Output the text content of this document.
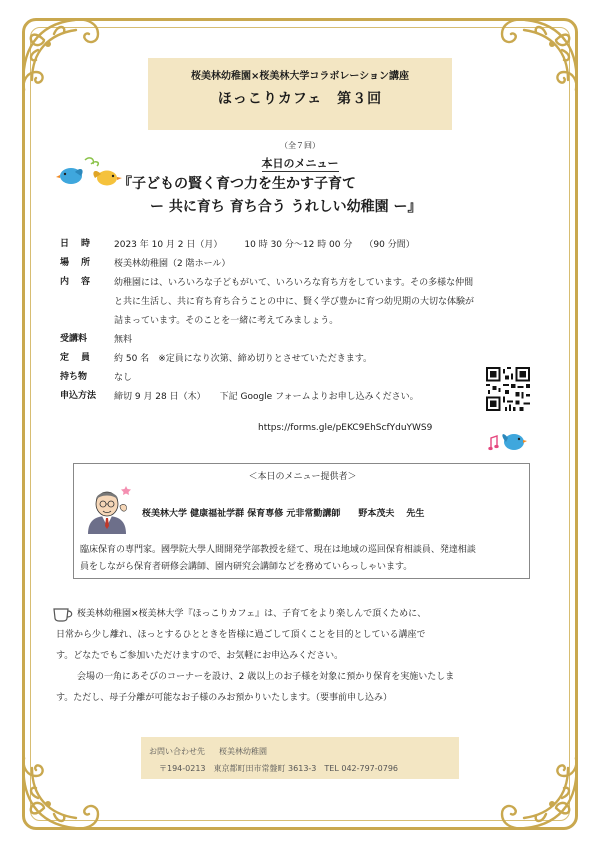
桜美林幼稚園×桜美林大学コラボレーション講座
ほっこりカフェ　第３回
（全７回）
本日のメニュー
『子どもの賢く育つ力を生かす子育て
ー 共に育ち 育ち合う うれしい幼稚園 ー』
日時 2023 年 10 月 2 日（月） 10 時 30 分～12 時 00 分 （90 分間）
場所 桜美林幼稚園（2 階ホール）
内容 幼稚園には、いろいろな子どもがいて、いろいろな育ち方をしています。その多様な仲間
と共に生活し、共に育ち育ち合うことの中に、賢く学び豊かに育つ幼児期の大切な体験が
詰まっています。そのことを一緒に考えてみましょう。
受講料	無料
定員 約 50 名 ※定員になり次第、締め切りとさせていただきます。
持ち物	なし
申込方法 締切 9 月 28 日（木） 下記 Google フォームよりお申し込みください。
https://forms.gle/pEKC9EhScfYduYWS9
＜本日のメニュー提供者＞
桜美林大学 健康福祉学群 保育専修 元非常勤講師 野本茂夫 先生
臨床保育の専門家。國學院大學人間開発学部教授を経て、現在は地域の巡回保育相談員、発達相談
員をしながら保育者研修会講師、園内研究会講師などを務めていらっしゃいます。

桜美林幼稚園×桜美林大学『ほっこりカフェ』は、子育てをより楽しんで頂くために、

日常から少し離れ、ほっとするひとときを皆様に過ごして頂くことを目的としている講座で

す。どなたでもご参加いただけますので、お気軽にお申込みください。

会場の一角にあそびのコーナーを設け、2 歳以上のお子様を対象に預かり保育を実施いたしま

す。ただし、母子分離が可能なお子様のみお預かりいたします。（要事前申し込み）

お問い合わせ先 桜美林幼稚園
〒194-0213 東京都町田市常盤町 3613-3 TEL 042-797-0796
